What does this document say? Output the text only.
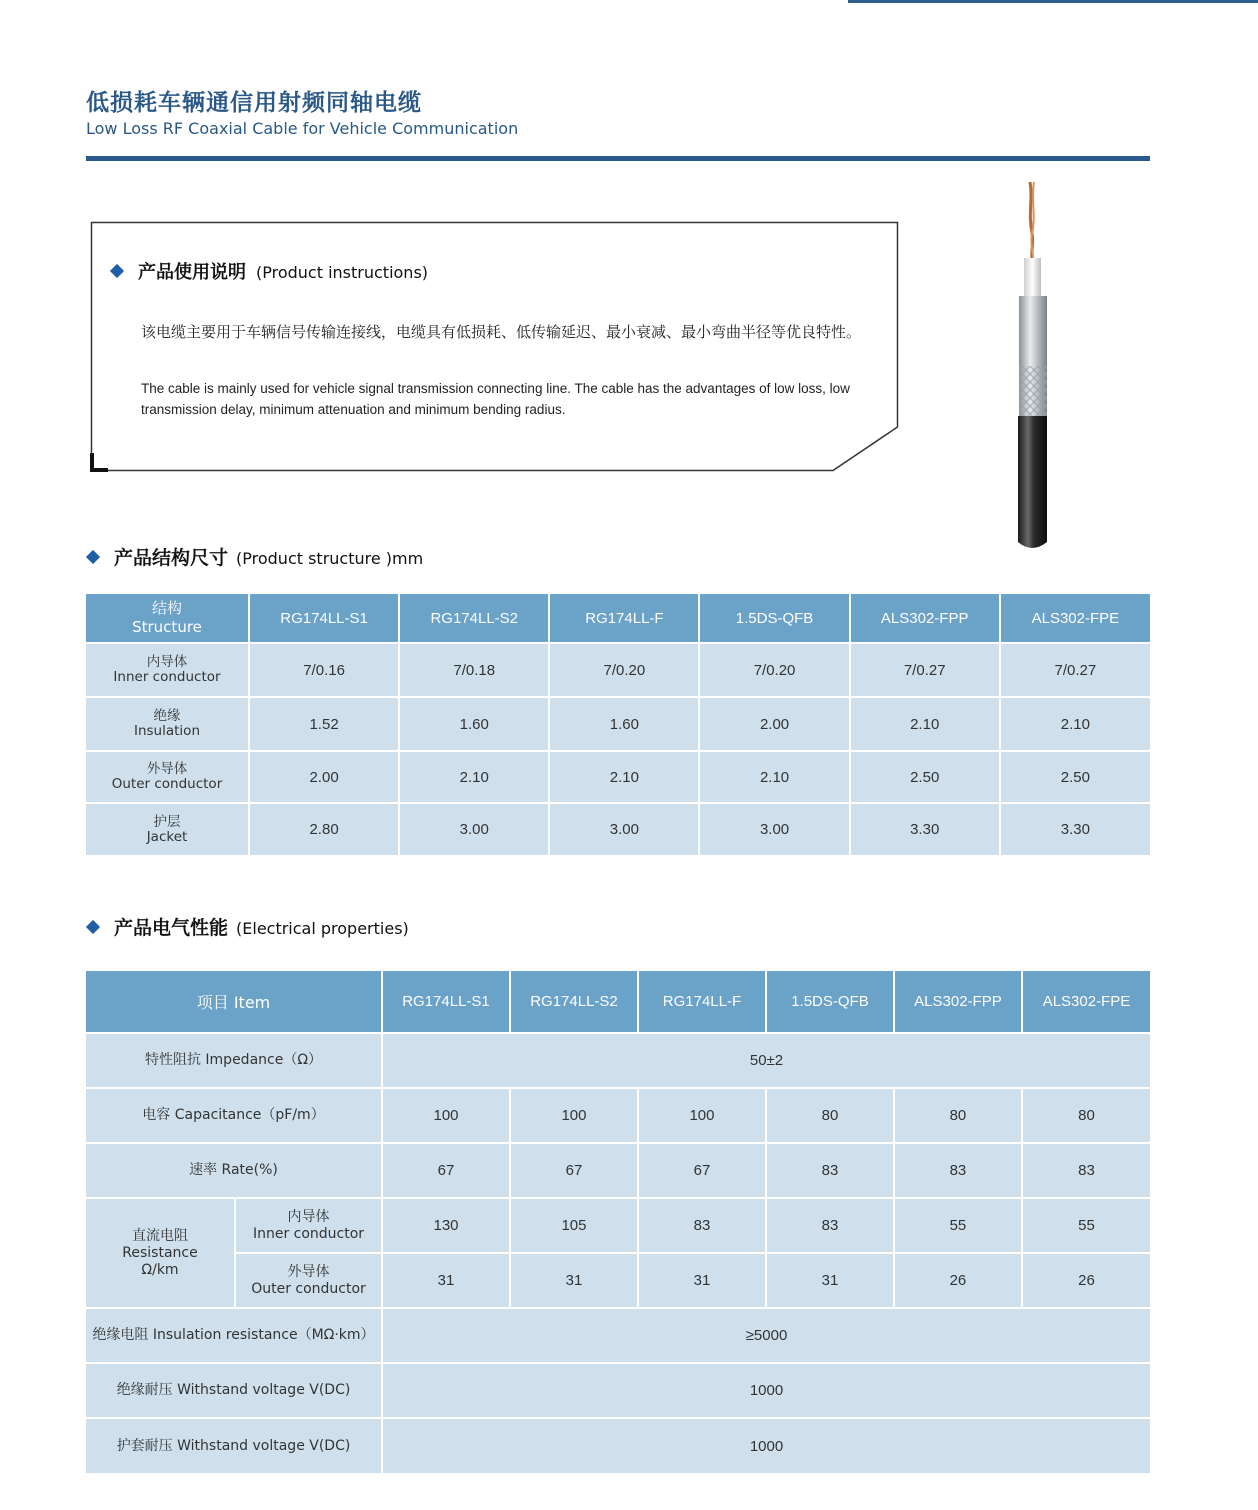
低损耗车辆通信用射频同轴电缆
Low Loss RF Coaxial Cable for Vehicle Communication
产品使用说明 (Product instructions)
该电缆主要用于车辆信号传输连接线，电缆具有低损耗、低传输延迟、最小衰减、最小弯曲半径等优良特性。
The cable is mainly used for vehicle signal transmission connecting line. The cable has the advantages of low loss, low transmission delay, minimum attenuation and minimum bending radius.
产品结构尺寸 (Product structure )mm
结构
Structure	RG174LL-S1	RG174LL-S2	RG174LL-F	1.5DS-QFB	ALS302-FPP	ALS302-FPE
内导体
Inner conductor	7/0.16	7/0.18	7/0.20	7/0.20	7/0.27	7/0.27
绝缘
Insulation	1.52	1.60	1.60	2.00	2.10	2.10
外导体
Outer conductor	2.00	2.10	2.10	2.10	2.50	2.50
护层
Jacket	2.80	3.00	3.00	3.00	3.30	3.30
产品电气性能 (Electrical properties)
项目 Item		RG174LL-S1	RG174LL-S2	RG174LL-F	1.5DS-QFB	ALS302-FPP	ALS302-FPE
特性阻抗 Impedance（Ω）		50±2					
电容 Capacitance（pF/m）		100	100	100	80	80	80
速率 Rate(%)		67	67	67	83	83	83
直流电阻
Resistance
Ω/km	内导体
Inner conductor	130	105	83	83	55	55
	外导体
Outer conductor	31	31	31	31	26	26
绝缘电阻 Insulation resistance（MΩ·km）		≥5000					
绝缘耐压 Withstand voltage V(DC)		1000					
护套耐压 Withstand voltage V(DC)		1000					
